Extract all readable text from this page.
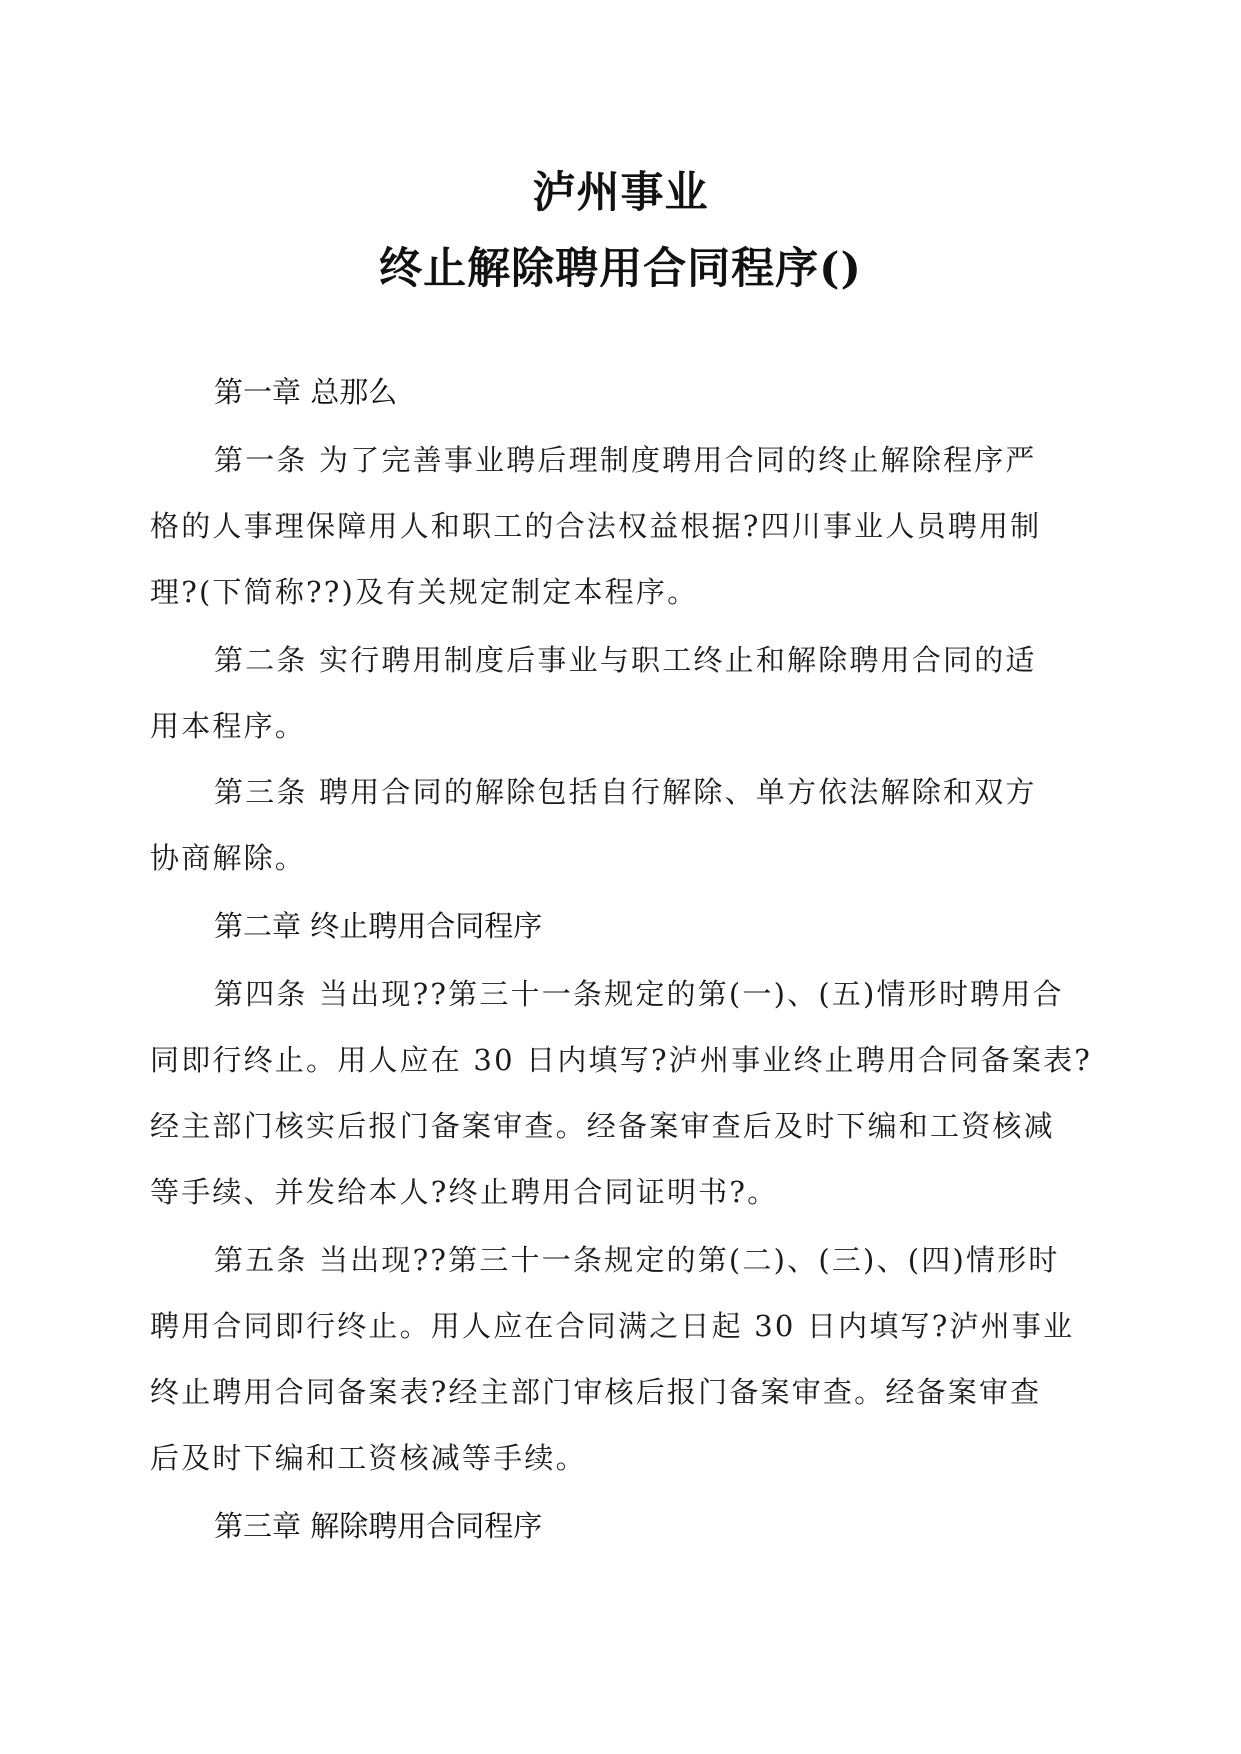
泸州事业
终止解除聘用合同程序()
第一章 总那么
第一条 为了完善事业聘后理制度聘用合同的终止解除程序严
格的人事理保障用人和职工的合法权益根据?四川事业人员聘用制
理?(下简称??)及有关规定制定本程序。
第二条 实行聘用制度后事业与职工终止和解除聘用合同的适
用本程序。
第三条 聘用合同的解除包括自行解除、单方依法解除和双方
协商解除。
第二章 终止聘用合同程序
第四条 当出现??第三十一条规定的第(一)、(五)情形时聘用合
同即行终止。用人应在 30 日内填写?泸州事业终止聘用合同备案表?
经主部门核实后报门备案审查。经备案审查后及时下编和工资核减
等手续、并发给本人?终止聘用合同证明书?。
第五条 当出现??第三十一条规定的第(二)、(三)、(四)情形时
聘用合同即行终止。用人应在合同满之日起 30 日内填写?泸州事业
终止聘用合同备案表?经主部门审核后报门备案审查。经备案审查
后及时下编和工资核减等手续。
第三章 解除聘用合同程序
